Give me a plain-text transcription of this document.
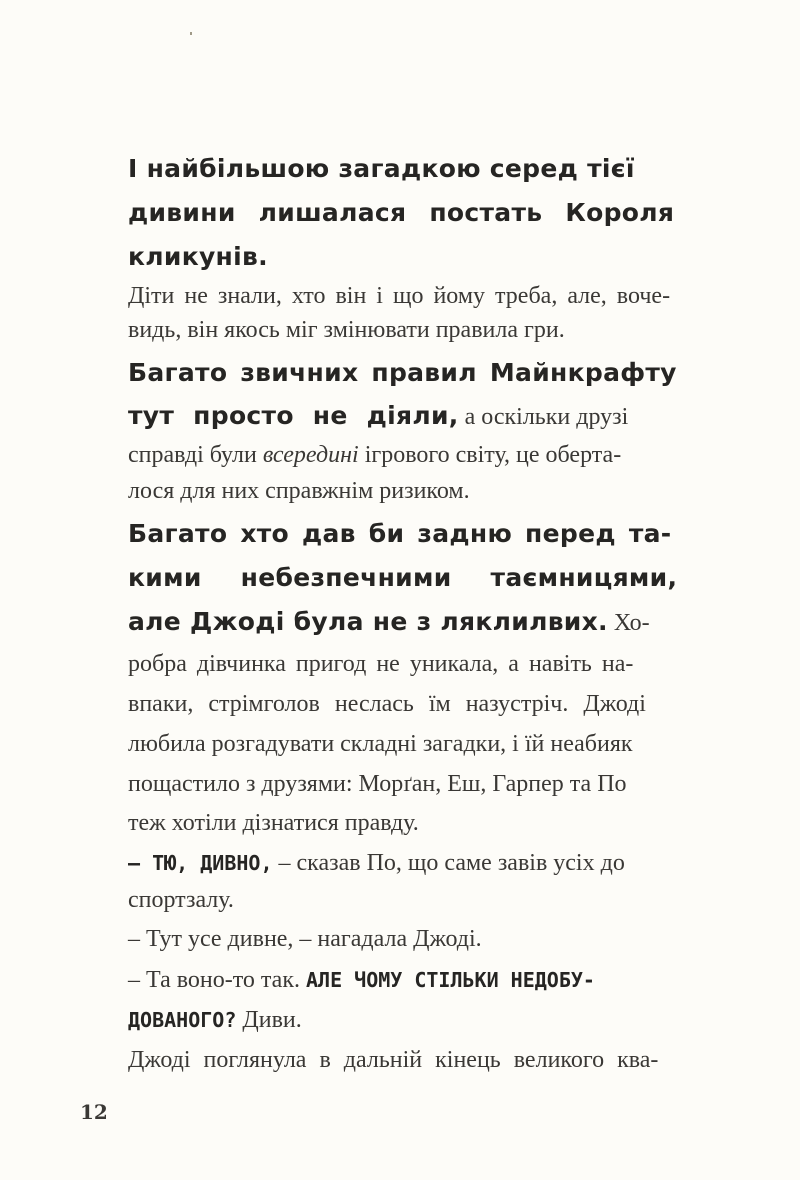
І найбільшою загадкою серед тієї
дивини лишалася постать Короля
кликунів.
Діти не знали, хто він і що йому треба, але, воче-
видь, він якось міг змінювати правила гри.
Багато звичних правил Майнкрафту
тут просто не діяли, а оскільки друзі
справді були всередині ігрового світу, це оберта-
лося для них справжнім ризиком.
Багато хто дав би задню перед та-
кими небезпечними таємницями,
але Джоді була не з ляклилвих. Хо-
робра дівчинка пригод не уникала, а навіть на-
впаки, стрімголов неслась їм назустріч. Джоді
любила розгадувати складні загадки, і їй неабияк
пощастило з друзями: Морґан, Еш, Гарпер та По
теж хотіли дізнатися правду.
– ТЮ, ДИВНО, – сказав По, що саме завів усіх до
спортзалу.
– Тут усе дивне, – нагадала Джоді.
– Та воно-то так. АЛЕ ЧОМУ СТІЛЬКИ НЕДОБУ-
ДОВАНОГО? Диви.
Джоді поглянула в дальній кінець великого ква-
12
